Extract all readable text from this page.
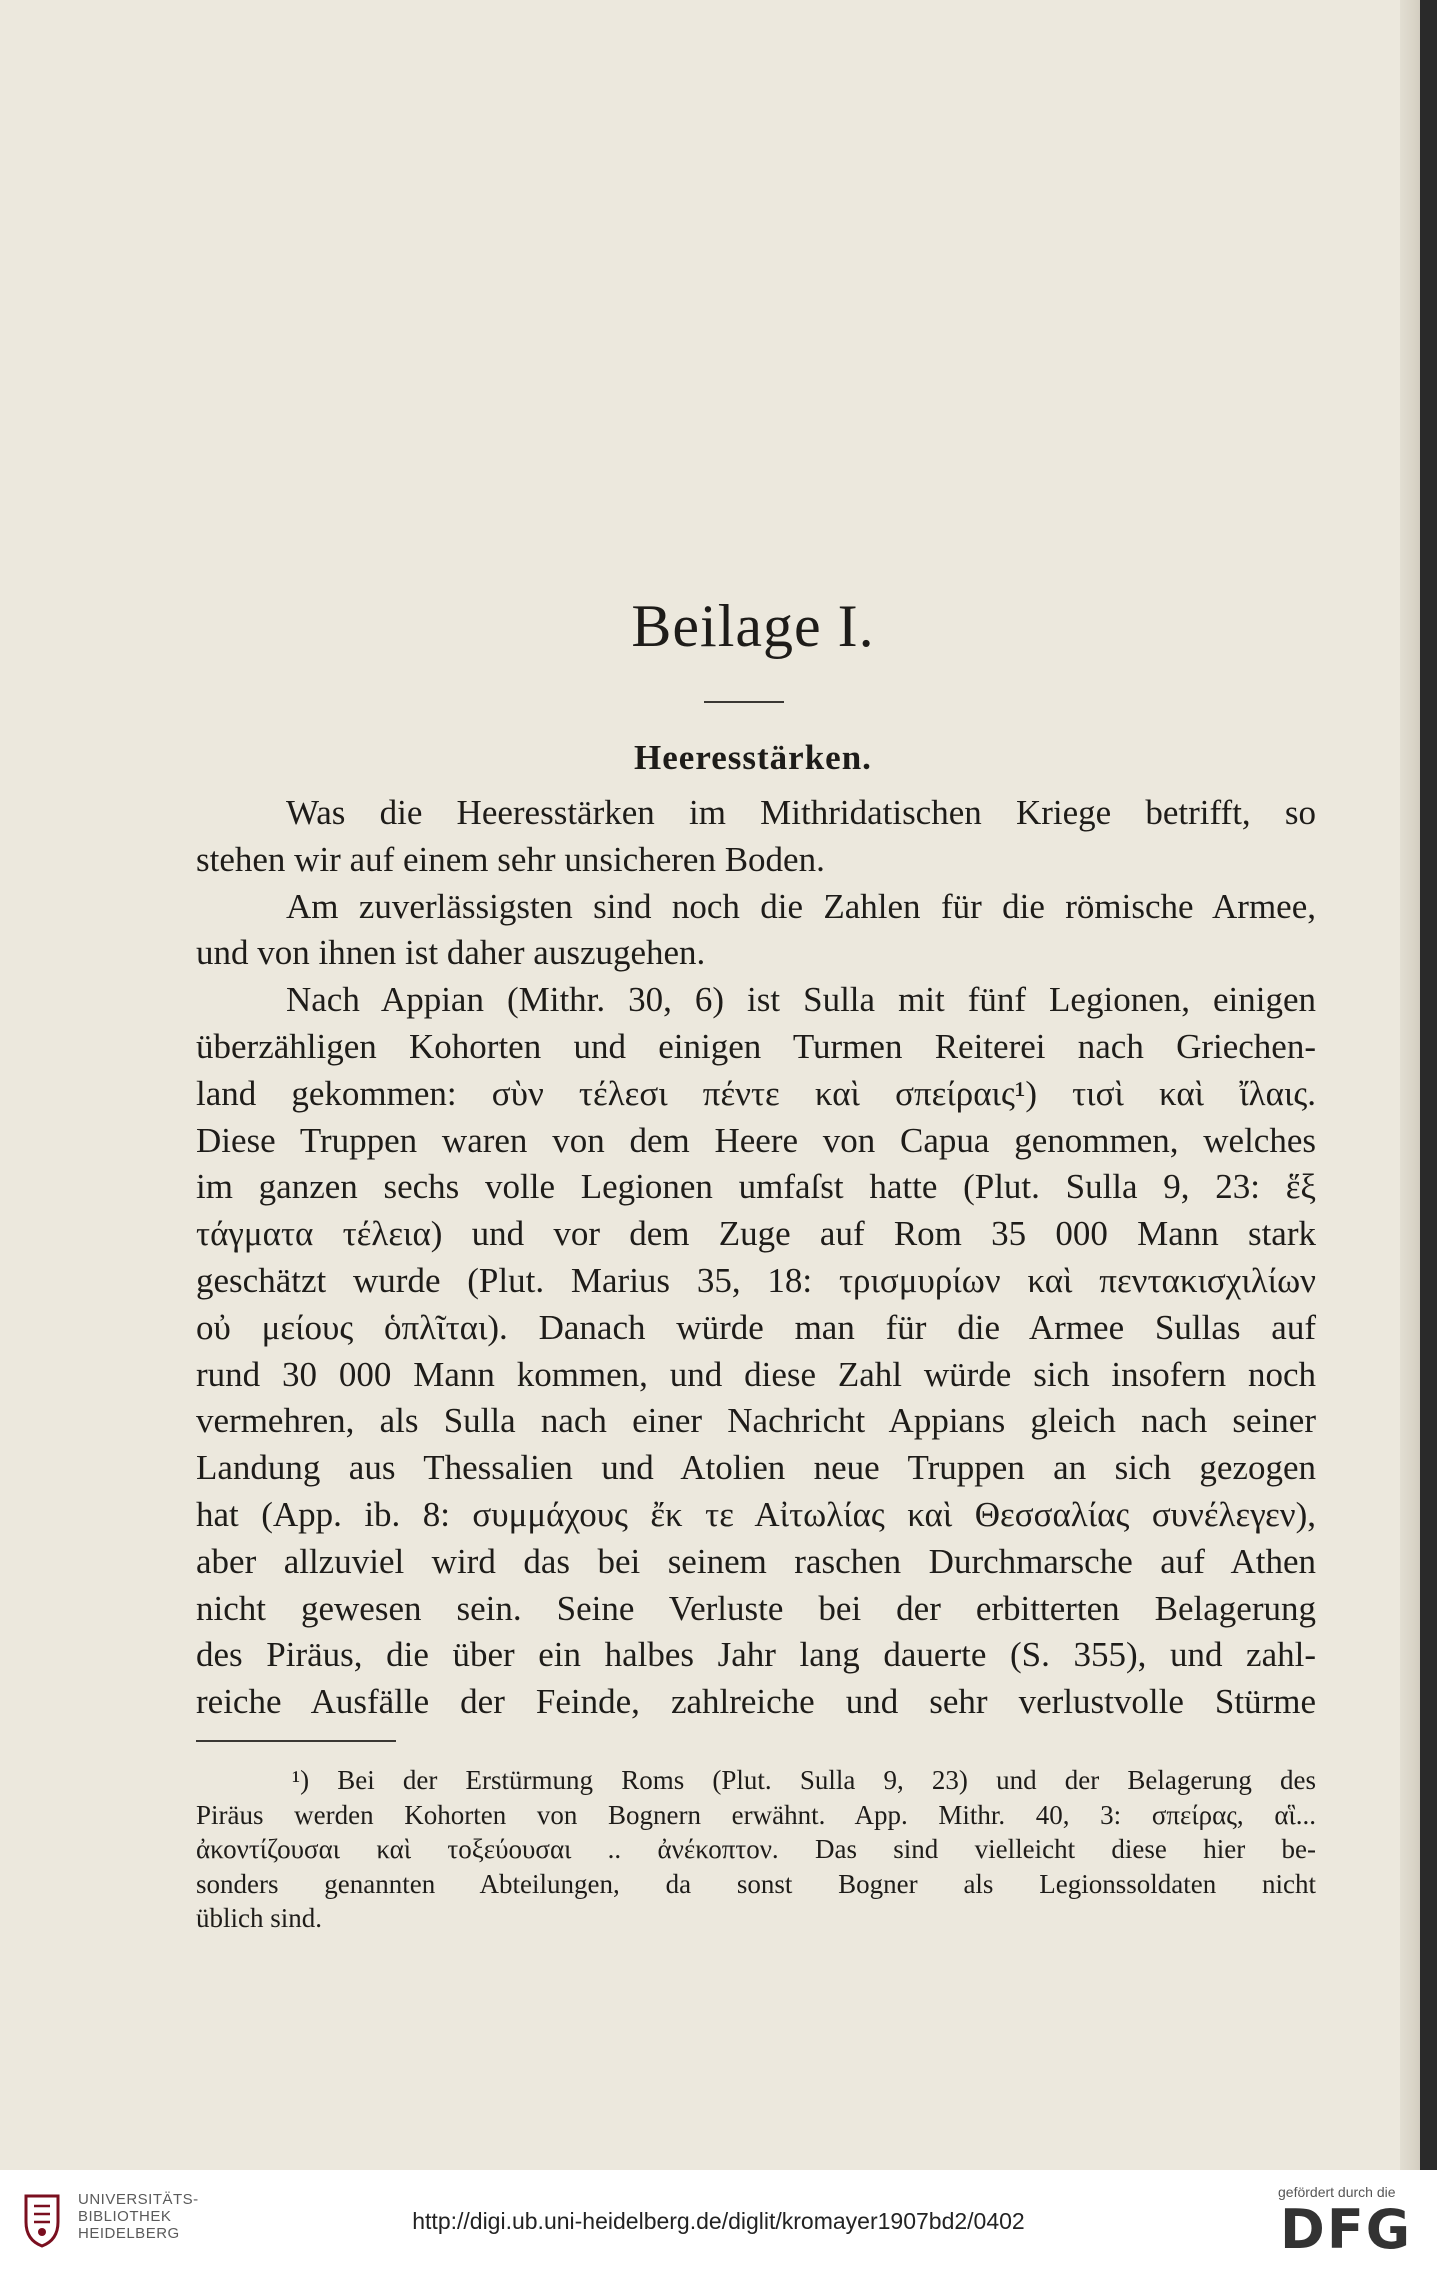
Beilage I.
Heeresstärken.
Was die Heeresstärken im Mithridatischen Kriege betrifft, so
stehen wir auf einem sehr unsicheren Boden.
Am zuverlässigsten sind noch die Zahlen für die römische Armee,
und von ihnen ist daher auszugehen.
Nach Appian (Mithr. 30, 6) ist Sulla mit fünf Legionen, einigen
überzähligen Kohorten und einigen Turmen Reiterei nach Griechen-
land gekommen: σὺν τέλεσι πέντε καὶ σπείραις¹) τισὶ καὶ ἴλαις.
Diese Truppen waren von dem Heere von Capua genommen, welches
im ganzen sechs volle Legionen umfaſst hatte (Plut. Sulla 9, 23: ἕξ
τάγματα τέλεια) und vor dem Zuge auf Rom 35 000 Mann stark
geschätzt wurde (Plut. Marius 35, 18: τρισμυρίων καὶ πεντακισχιλίων
οὐ μείους ὁπλῖται). Danach würde man für die Armee Sullas auf
rund 30 000 Mann kommen, und diese Zahl würde sich insofern noch
vermehren, als Sulla nach einer Nachricht Appians gleich nach seiner
Landung aus Thessalien und Atolien neue Truppen an sich gezogen
hat (App. ib. 8: συμμάχους ἔκ τε Αἰτωλίας καὶ Θεσσαλίας συνέλεγεν),
aber allzuviel wird das bei seinem raschen Durchmarsche auf Athen
nicht gewesen sein. Seine Verluste bei der erbitterten Belagerung
des Piräus, die über ein halbes Jahr lang dauerte (S. 355), und zahl-
reiche Ausfälle der Feinde, zahlreiche und sehr verlustvolle Stürme
¹) Bei der Erstürmung Roms (Plut. Sulla 9, 23) und der Belagerung des
Piräus werden Kohorten von Bognern erwähnt. App. Mithr. 40, 3: σπείρας, αἳ...
ἀκοντίζουσαι καὶ τοξεύουσαι .. ἀνέκοπτον. Das sind vielleicht diese hier be-
sonders genannten Abteilungen, da sonst Bogner als Legionssoldaten nicht
üblich sind.
UNIVERSITÄTS-
BIBLIOTHEK
HEIDELBERG	http://digi.ub.uni-heidelberg.de/diglit/kromayer1907bd2/0402
gefördert durch die
DFG
